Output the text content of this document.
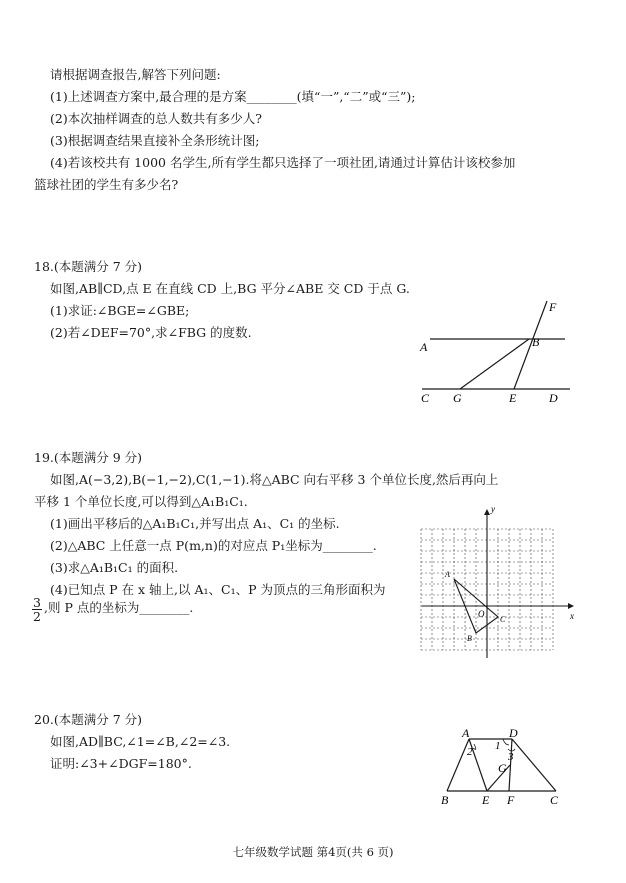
请根据调查报告,解答下列问题:
(1)上述调查方案中,最合理的是方案________(填“一”,“二”或“三”);
(2)本次抽样调查的总人数共有多少人?
(3)根据调查结果直接补全条形统计图;
(4)若该校共有 1000 名学生,所有学生都只选择了一项社团,请通过计算估计该校参加
篮球社团的学生有多少名?
18.(本题满分 7 分)
如图,AB∥CD,点 E 在直线 CD 上,BG 平分∠ABE 交 CD 于点 G.
(1)求证:∠BGE=∠GBE;
(2)若∠DEF=70°,求∠FBG 的度数.
A	B
F
C G	E	D
19.(本题满分 9 分)
如图,A(−3,2),B(−1,−2),C(1,−1).将△ABC 向右平移 3 个单位长度,然后再向上
平移 1 个单位长度,可以得到△A₁B₁C₁.
(1)画出平移后的△A₁B₁C₁,并写出点 A₁、C₁ 的坐标.
(2)△ABC 上任意一点 P(m,n)的对应点 P₁坐标为________.
(3)求△A₁B₁C₁ 的面积.
(4)已知点 P 在 x 轴上,以 A₁、C₁、P 为顶点的三角形面积为
$\frac{3}{2}$ ,则 P 点的坐标为________.
x
y
O
A
B
C
20.(本题满分 7 分)
如图,AD∥BC,∠1=∠B,∠2=∠3.
证明:∠3+∠DGF=180°.
A	D
1
2	3
G
B	E F	C
七年级数学试题 第4页(共 6 页)
